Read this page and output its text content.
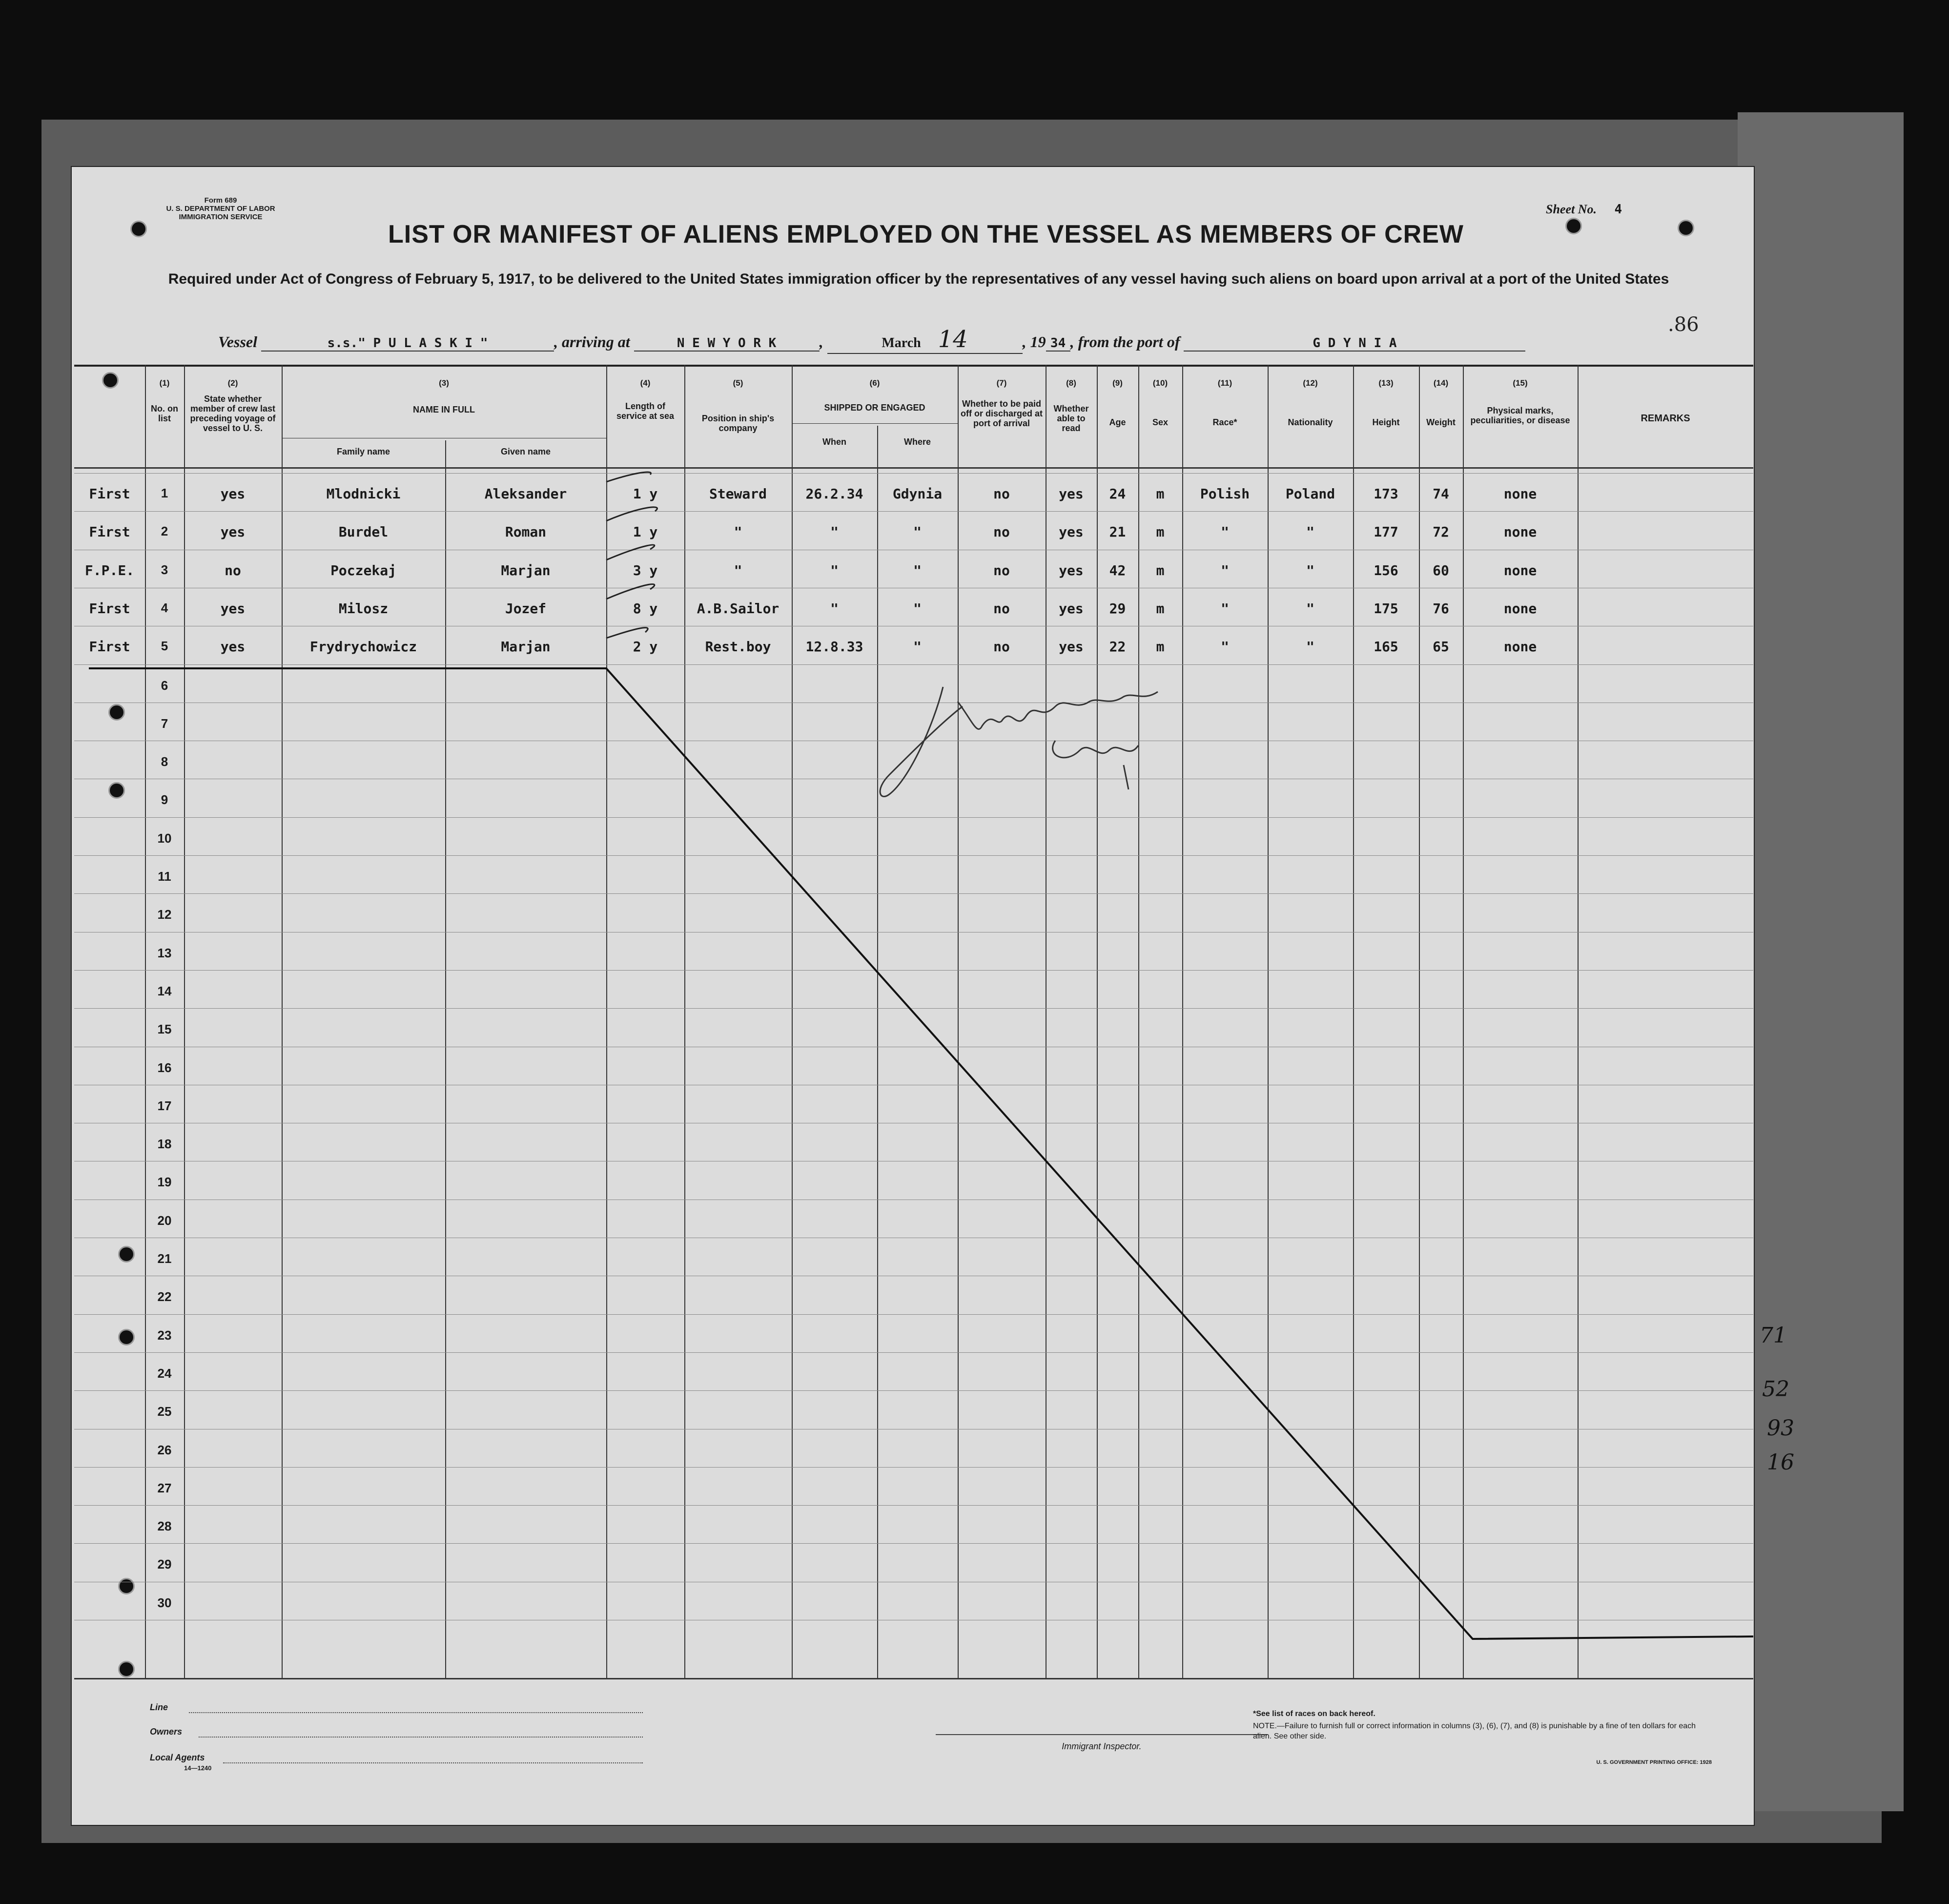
Form 689
U. S. DEPARTMENT OF LABOR
IMMIGRATION SERVICE
LIST OR MANIFEST OF ALIENS EMPLOYED ON THE VESSEL AS MEMBERS OF CREW
Required under Act of Congress of February 5, 1917, to be delivered to the United States immigration officer by the representatives of any vessel having such aliens on board upon arrival at a port of the United States
Sheet No. 4
.86
Vessel	s.s." P U L A S K I "	, arriving at	N E W Y O R K	,	March 14	, 19 34 , from the port of	G D Y N I A
(1)	(2)	(3)	(4)	(5)	(6)	(7)	(8)	(9)	(10)	(11)	(12)	(13)	(14)	(15)
No. on list
State whether member of crew last preceding voyage of vessel to U. S.
NAME IN FULL
Family name	Given name
Length of service at sea	Position in ship's company
SHIPPED OR ENGAGED
When	Where
Whether to be paid off or discharged at port of arrival
Whether able to read
Age	Sex	Race*	Nationality	Height	Weight
Physical marks, peculiarities, or disease	REMARKS
First	1	yes	Mlodnicki	Aleksander	1 y	Steward	26.2.34	Gdynia	no	yes	24	m	Polish	Poland	173	74	none
First	2	yes	Burdel	Roman	1 y	"	"	"	no	yes	21	m	"	"	177	72	none
F.P.E.	3	no	Poczekaj	Marjan	3 y	"	"	"	no	yes	42	m	"	"	156	60	none
First	4	yes	Milosz	Jozef	8 y	A.B.Sailor	"	"	no	yes	29	m	"	"	175	76	none
First	5	yes	Frydrychowicz	Marjan	2 y	Rest.boy	12.8.33	"	no	yes	22	m	"	"	165	65	none
6
7
8
9
10
11
12
13
14
15
16
17
18
19
20
21
22
23
24
25
26
27
28
29
30
Line
Owners
Local Agents
14—1240
Immigrant Inspector.
*See list of races on back hereof.
NOTE.—Failure to furnish full or correct information in columns (3), (6), (7), and (8) is punishable by a fine of ten dollars for each alien. See other side.
U. S. GOVERNMENT PRINTING OFFICE: 1928
71
52
93
16
